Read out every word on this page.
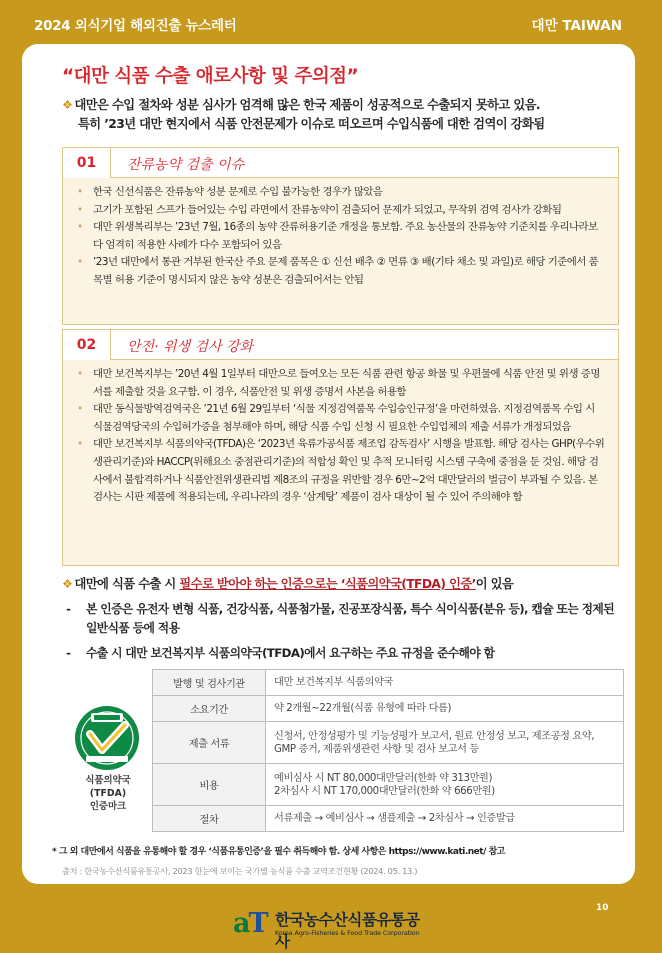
2024 외식기업 해외진출 뉴스레터	대만 TAIWAN
“대만 식품 수출 애로사항 및 주의점”
❖ 대만은 수입 절차와 성분 심사가 엄격해 많은 한국 제품이 성공적으로 수출되지 못하고 있음.
특히 ’23년 대만 현지에서 식품 안전문제가 이슈로 떠오르며 수입식품에 대한 검역이 강화됨
01	잔류농약 검출 이슈
• 한국 신선식품은 잔류농약 성분 문제로 수입 불가능한 경우가 많았음
• 고기가 포함된 스프가 들어있는 수입 라면에서 잔류농약이 검출되어 문제가 되었고, 무작위 검역 검사가 강화됨
• 대만 위생복리부는 ’23년 7월, 16종의 농약 잔류허용기준 개정을 통보함. 주요 농산물의 잔류농약 기준치를 우리나라보다 엄격히 적용한 사례가 다수 포함되어 있음
• ’23년 대만에서 통관 거부된 한국산 주요 문제 품목은 ① 신선 배추 ② 면류 ③ 배(기타 채소 및 과일)로 해당 기준에서 품목별 허용 기준이 명시되지 않은 농약 성분은 검출되어서는 안됨
02	안전· 위생 검사 강화
• 대만 보건복지부는 ’20년 4월 1일부터 대만으로 들여오는 모든 식품 관련 항공 화물 및 우편물에 식품 안전 및 위생 증명서를 제출할 것을 요구함. 이 경우, 식품안전 및 위생 증명서 사본을 허용함
• 대만 동식물방역검역국은 ’21년 6월 29일부터 ‘식물 지정검역품목 수입승인규정’을 마련하였음. 지정검역품목 수입 시 식물검역당국의 수입허가증을 첨부해야 하며, 해당 식품 수입 신청 시 필요한 수입업체의 제출 서류가 개정되었음
• 대만 보건복지부 식품의약국(TFDA)은 ‘2023년 육류가공식품 제조업 감독검사’ 시행을 발표함. 해당 검사는 GHP(우수위생관리기준)와 HACCP(위해요소 중점관리기준)의 적합성 확인 및 추적 모니터링 시스템 구축에 중점을 둔 것임. 해당 검사에서 불합격하거나 식품안전위생관리법 제8조의 규정을 위반할 경우 6만~2억 대만달러의 벌금이 부과될 수 있음. 본 검사는 시판 제품에 적용되는데, 우리나라의 경우 ‘삼계탕’ 제품이 검사 대상이 될 수 있어 주의해야 함
❖ 대만에 식품 수출 시 필수로 받아야 하는 인증으로는 ‘식품의약국(TFDA) 인증’이 있음
- 본 인증은 유전자 변형 식품, 건강식품, 식품첨가물, 진공포장식품, 특수 식이식품(분유 등), 캡슐 또는 정제된 일반식품 등에 적용
- 수출 시 대만 보건복지부 식품의약국(TFDA)에서 요구하는 주요 규정을 준수해야 함
식품의약국
(TFDA)
인증마크
발행 및 검사기관	대만 보건복지부 식품의약국
소요기간	약 2개월~22개월(식품 유형에 따라 다름)
제출 서류	신청서, 안정성평가 및 기능성평가 보고서, 원료 안정성 보고, 제조공정 요약, GMP 증거, 제품위생관련 사항 및 검사 보고서 등
비용	예비심사 시 NT 80,000대만달러(한화 약 313만원)
2차심사 시 NT 170,000대만달러(한화 약 666만원)
절차	서류제출 → 예비심사 → 샘플제출 → 2차심사 → 인증발급
* 그 외 대만에서 식품을 유통해야 할 경우 ‘식품유통인증’을 필수 취득해야 함. 상세 사항은 https://www.kati.net/ 참고
출처 : 한국농수산식품유통공사, 2023 한눈에 보이는 국가별 농식품 수출 교역조건현황 (2024. 05. 13.)
10
aT 한국농수산식품유통공사
Korea Agro-Fisheries & Food Trade Corporation
